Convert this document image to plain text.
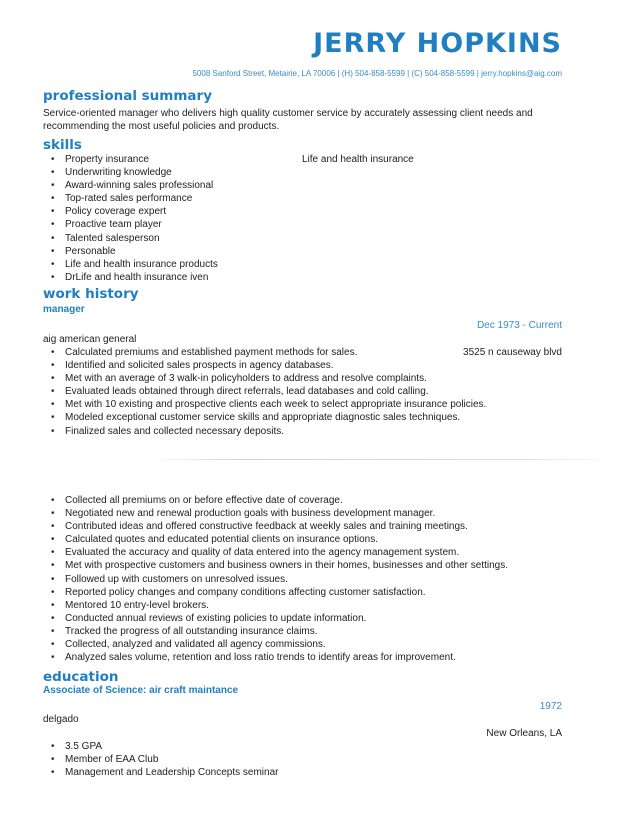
JERRY HOPKINS

5008 Sanford Street, Metairie, LA 70006 | (H) 504-858-5599 | (C) 504-858-5599 | jerry.hopkins@aig.com

professional summary

Service-oriented manager who delivers high quality customer service by accurately assessing client needs and recommending the most useful policies and products.

skills
• Property insurance
• Underwriting knowledge
• Award-winning sales professional
• Top-rated sales performance
• Policy coverage expert
• Proactive team player
• Talented salesperson
• Personable
• Life and health insurance products
• DrLife and health insurance iven

Life and health insurance

work history

manager

Dec 1973 - Current

aig american general

3525 n causeway blvd

• Calculated premiums and established payment methods for sales.
• Identified and solicited sales prospects in agency databases.
• Met with an average of 3 walk-in policyholders to address and resolve complaints.
• Evaluated leads obtained through direct referrals, lead databases and cold calling.
• Met with 10 existing and prospective clients each week to select appropriate insurance policies.
• Modeled exceptional customer service skills and appropriate diagnostic sales techniques.
• Finalized sales and collected necessary deposits.
• Collected all premiums on or before effective date of coverage.
• Negotiated new and renewal production goals with business development manager.
• Contributed ideas and offered constructive feedback at weekly sales and training meetings.
• Calculated quotes and educated potential clients on insurance options.
• Evaluated the accuracy and quality of data entered into the agency management system.
• Met with prospective customers and business owners in their homes, businesses and other settings.
• Followed up with customers on unresolved issues.
• Reported policy changes and company conditions affecting customer satisfaction.
• Mentored 10 entry-level brokers.
• Conducted annual reviews of existing policies to update information.
• Tracked the progress of all outstanding insurance claims.
• Collected, analyzed and validated all agency commissions.
• Analyzed sales volume, retention and loss ratio trends to identify areas for improvement.
education

Associate of Science: air craft maintance

1972

delgado

New Orleans, LA

• 3.5 GPA
• Member of EAA Club
• Management and Leadership Concepts seminar
